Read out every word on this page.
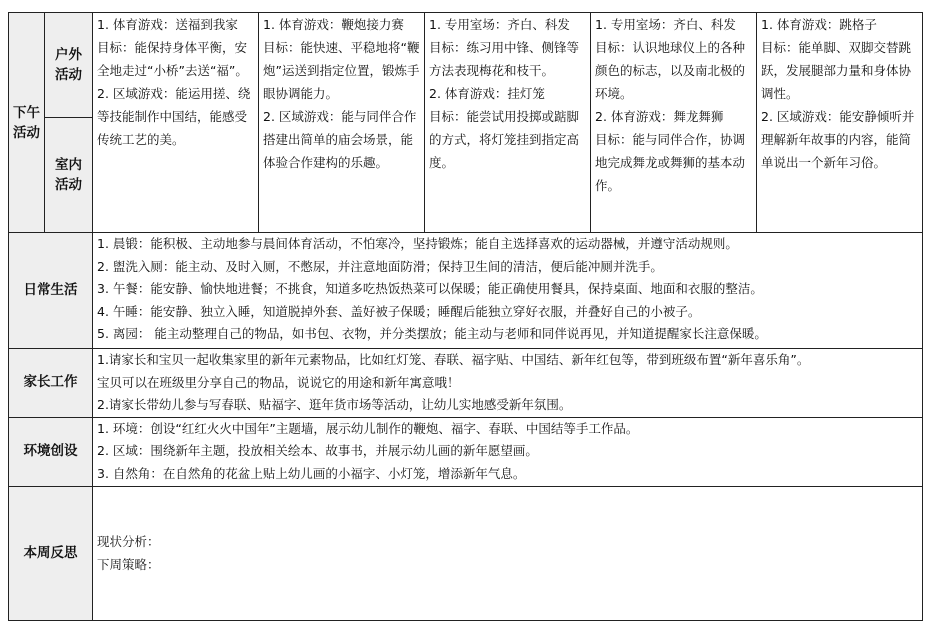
下午活动	户外活动	1. 体育游戏：送福到我家
目标：能保持身体平衡，安全地走过“小桥”去送“福”。
2. 区域游戏：能运用搓、绕等技能制作中国结，能感受传统工艺的美。	1. 体育游戏：鞭炮接力赛
目标：能快速、平稳地将“鞭炮”运送到指定位置，锻炼手眼协调能力。
2. 区域游戏：能与同伴合作搭建出简单的庙会场景，能体验合作建构的乐趣。	1. 专用室场：齐白、科发
目标：练习用中锋、侧锋等方法表现梅花和枝干。
2. 体育游戏：挂灯笼
目标：能尝试用投掷或踮脚的方式，将灯笼挂到指定高度。	1. 专用室场：齐白、科发
目标：认识地球仪上的各种颜色的标志，以及南北极的环境。
2. 体育游戏：舞龙舞狮
目标：能与同伴合作，协调地完成舞龙或舞狮的基本动作。	1. 体育游戏：跳格子
目标：能单脚、双脚交替跳跃，发展腿部力量和身体协调性。
2. 区域游戏：能安静倾听并理解新年故事的内容，能简单说出一个新年习俗。
	室内活动					
日常生活		1. 晨锻：能积极、主动地参与晨间体育活动，不怕寒冷，坚持锻炼；能自主选择喜欢的运动器械，并遵守活动规则。
2. 盥洗入厕：能主动、及时入厕，不憋尿，并注意地面防滑；保持卫生间的清洁，便后能冲厕并洗手。
3. 午餐：能安静、愉快地进餐；不挑食，知道多吃热饭热菜可以保暖；能正确使用餐具，保持桌面、地面和衣服的整洁。
4. 午睡：能安静、独立入睡，知道脱掉外套、盖好被子保暖；睡醒后能独立穿好衣服，并叠好自己的小被子。
5. 离园： 能主动整理自己的物品，如书包、衣物，并分类摆放；能主动与老师和同伴说再见，并知道提醒家长注意保暖。				

家长工作		1.请家长和宝贝一起收集家里的新年元素物品，比如红灯笼、春联、福字贴、中国结、新年红包等，带到班级布置“新年喜乐角”。
宝贝可以在班级里分享自己的物品，说说它的用途和新年寓意哦！
2.请家长带幼儿参与写春联、贴福字、逛年货市场等活动，让幼儿实地感受新年氛围。				

环境创设		1. 环境：创设“红红火火中国年”主题墙，展示幼儿制作的鞭炮、福字、春联、中国结等手工作品。
2. 区域：围绕新年主题，投放相关绘本、故事书，并展示幼儿画的新年愿望画。
3. 自然角：在自然角的花盆上贴上幼儿画的小福字、小灯笼，增添新年气息。				

本周反思		现状分析：
下周策略：				
